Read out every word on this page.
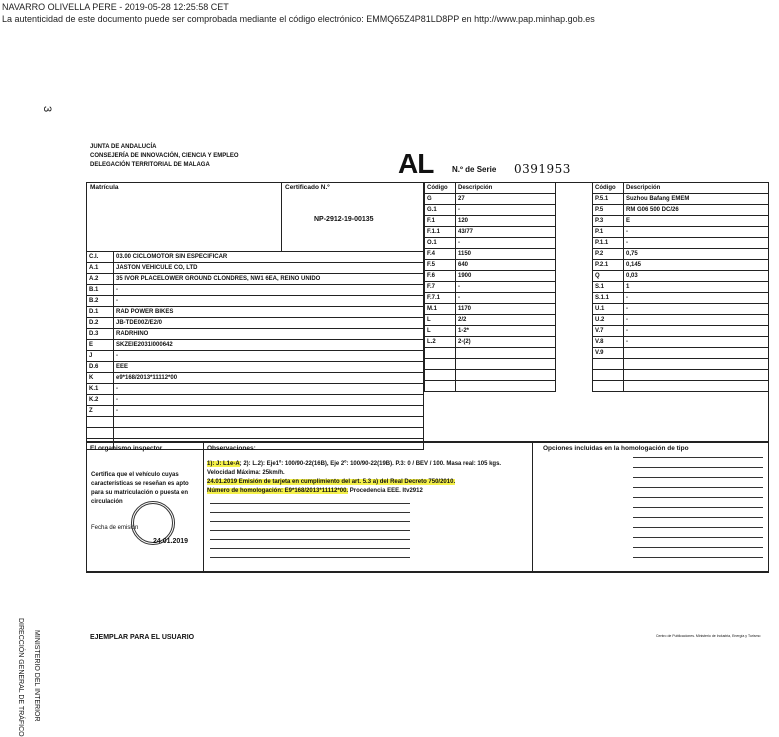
NAVARRO OLIVELLA PERE - 2019-05-28 12:25:58 CET
La autenticidad de este documento puede ser comprobada mediante el código electrónico: EMMQ65Z4P81LD8PP en http://www.pap.minhap.gob.es
3
JUNTA DE ANDALUCÍA
CONSEJERÍA DE INNOVACIÓN, CIENCIA Y EMPLEO
DELEGACIÓN TERRITORIAL DE MALAGA	AL N.º de Serie 0391953
Matrícula	Certificado N.º
NP-2912-19-00135
C.I.	03.00 CICLOMOTOR SIN ESPECIFICAR
A.1	JASTON VEHICULE CO, LTD
A.2	35 IVOR PLACELOWER GROUND CLONDRES, NW1 6EA, REINO UNIDO
B.1	-
B.2	-
D.1	RAD POWER BIKES
D.2	JB-TDE00Z/E2/0
D.3	RADRHINO
E	SKZEIE2031l000642
J	-
D.6	EEE
K	e9*168/2013*11112*00
K.1	-
K.2	-
Z	-

Código	Descripción
G	27
G.1	-
F.1	120
F.1.1	43/77
O.1	-
F.4	1150
F.5	640
F.6	1900
F.7	-
F.7.1	-
M.1	1170
L	2/2
L	1-2*
L.2	2-(2)

Código	Descripción
P.5.1	Suzhou Bafang EMEM
P.5	RM G06 500 DC/26
P.3	E
P.1	-
P.1.1	-
P.2	0,75
P.2.1	0,145
Q	0,03
S.1	1
S.1.1	-
U.1	-
U.2	-
V.7	-
V.8	-
V.9	

El organismo inspector
Certifica que el vehículo cuyas características se reseñan es apto para su matriculación o puesta en circulación
Fecha de emisión
24.01.2019
Observaciones:
1): J: L1e-A; 2): L.2): Eje1º: 100/90-22(16B), Eje 2º: 100/90-22(19B). P.3: 0 / BEV / 100. Masa real: 105 kgs.
Velocidad Máxima: 25km/h.
24.01.2019 Emisión de tarjeta en cumplimiento del art. 5.3 a) del Real Decreto 750/2010.
Número de homologación: E9*168/2013*11112*00. Procedencia EEE. Itv2912
Opciones incluidas en la homologación de tipo
EJEMPLAR PARA EL USUARIO	Centro de Publicaciones. Ministerio de Industria, Energía y Turismo
MINISTERIO DEL INTERIOR
DIRECCIÓN GENERAL DE TRÁFICO
